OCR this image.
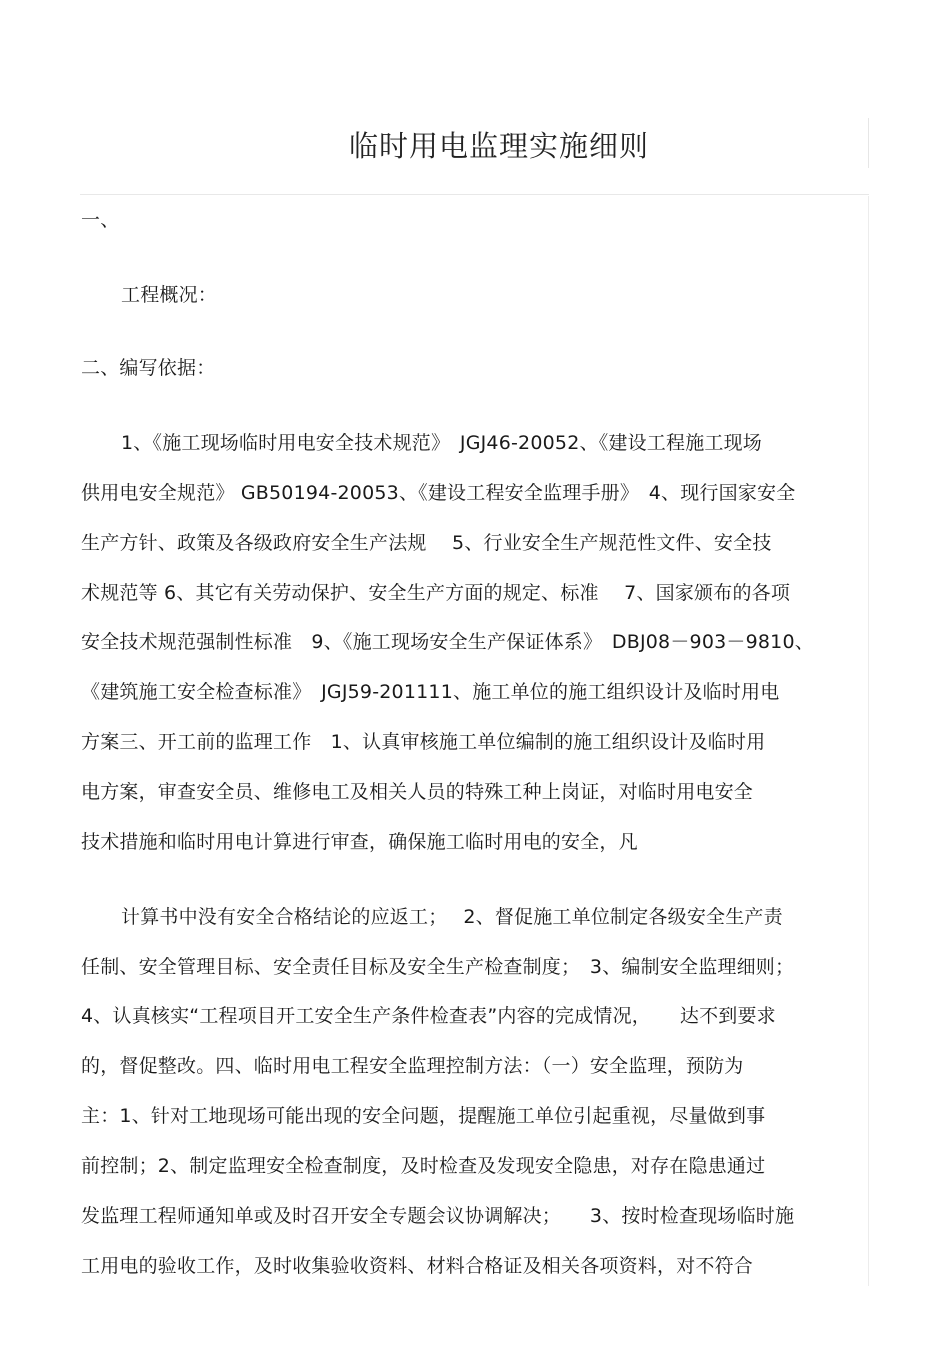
临时用电监理实施细则
一、
工程概况：
二、编写依据：
1、《施工现场临时用电安全技术规范》　JGJ46-20052、《建设工程施工现场
供用电安全规范》 GB50194-20053、《建设工程安全监理手册》　4、现行国家安全
生产方针、政策及各级政府安全生产法规　 5、行业安全生产规范性文件、安全技
术规范等 6、其它有关劳动保护、安全生产方面的规定、标准　 7、国家颁布的各项
安全技术规范强制性标准　9、《施工现场安全生产保证体系》　DBJ08－903－9810、
《建筑施工安全检查标准》　JGJ59-201111、施工单位的施工组织设计及临时用电
方案三、开工前的监理工作　1、认真审核施工单位编制的施工组织设计及临时用
电方案，审查安全员、维修电工及相关人员的特殊工种上岗证，对临时用电安全
技术措施和临时用电计算进行审查，确保施工临时用电的安全，凡
计算书中没有安全合格结论的应返工；　 2、督促施工单位制定各级安全生产责
任制、安全管理目标、安全责任目标及安全生产检查制度；　3、编制安全监理细则；
4、认真核实“工程项目开工安全生产条件检查表”内容的完成情况，　　达不到要求
的，督促整改。四、临时用电工程安全监理控制方法：（一）安全监理，预防为
主：1、针对工地现场可能出现的安全问题，提醒施工单位引起重视，尽量做到事
前控制；2、制定监理安全检查制度，及时检查及发现安全隐患，对存在隐患通过
发监理工程师通知单或及时召开安全专题会议协调解决；　　3、按时检查现场临时施
工用电的验收工作，及时收集验收资料、材料合格证及相关各项资料，对不符合
